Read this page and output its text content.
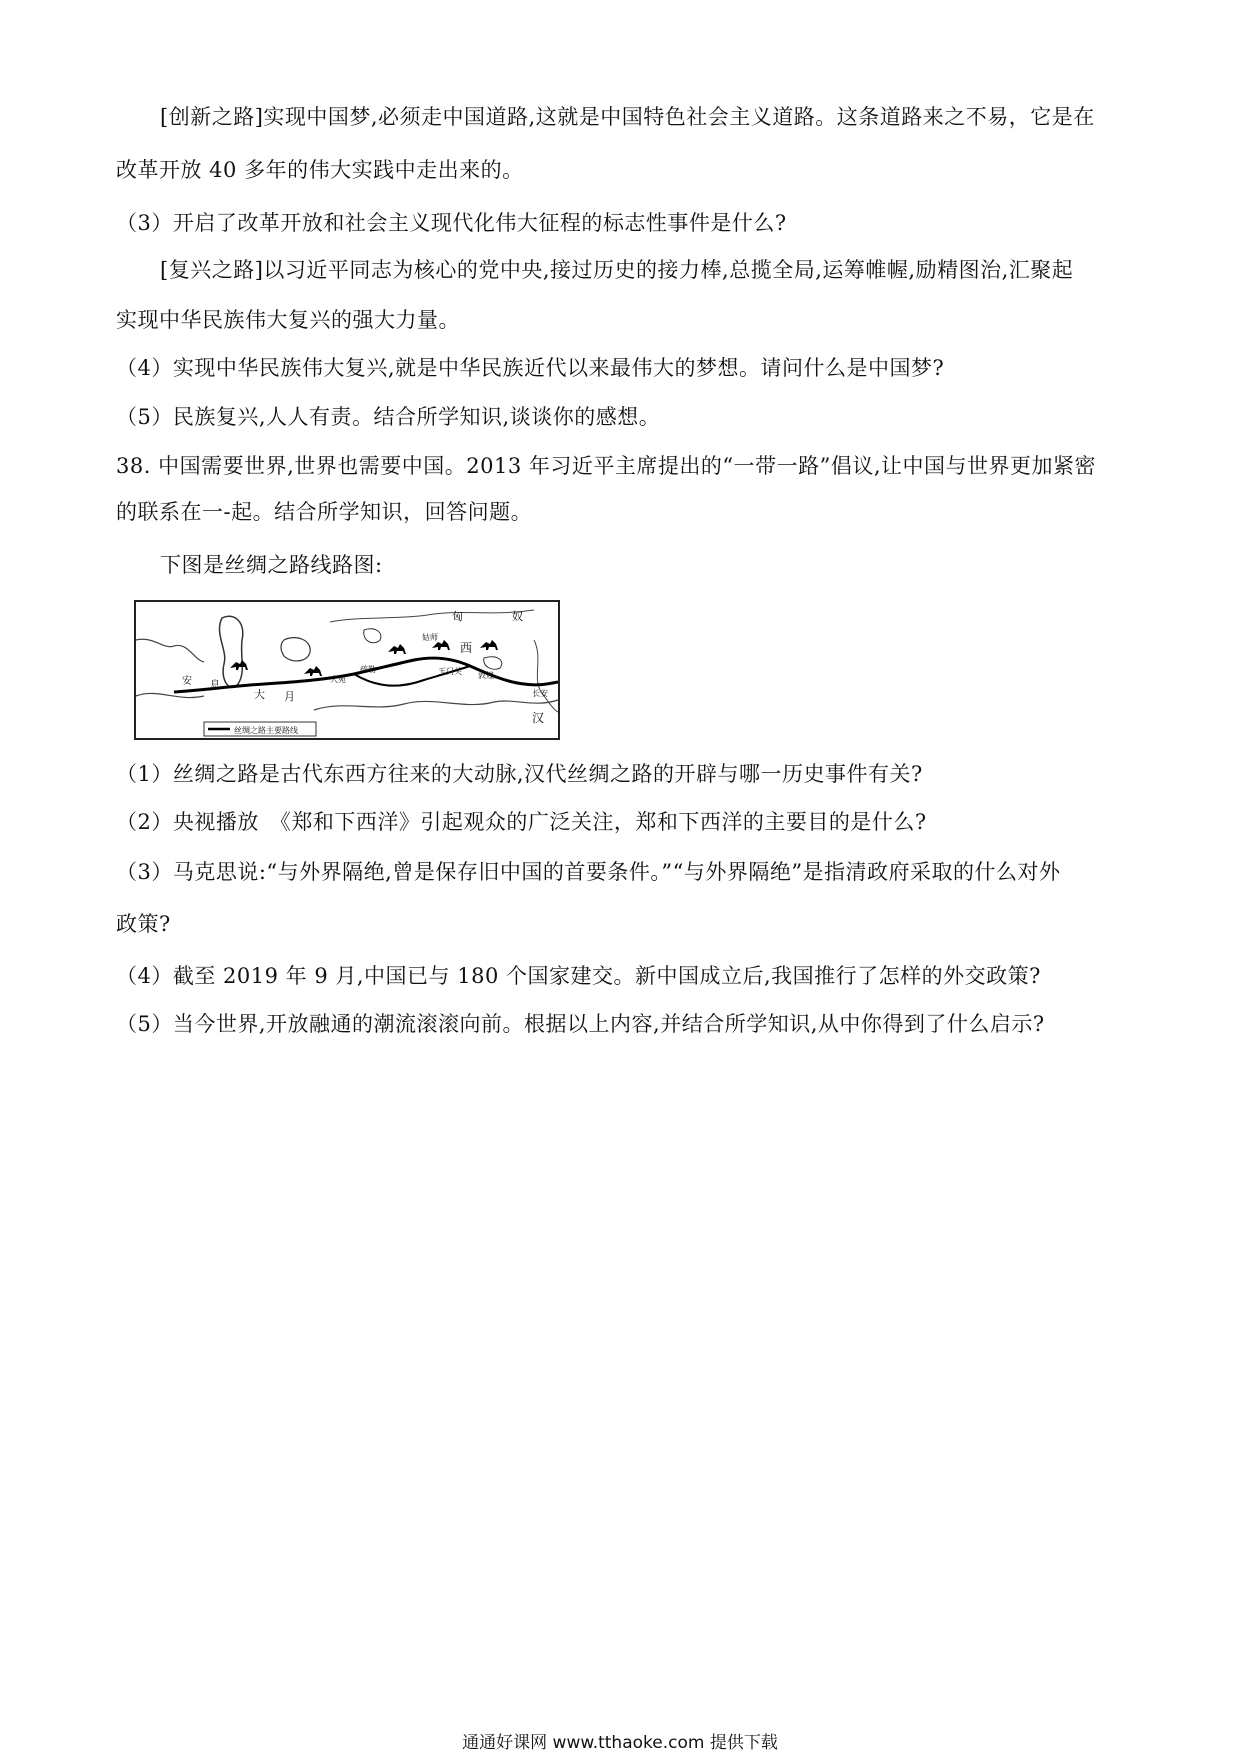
[创新之路]实现中国梦,必须走中国道路,这就是中国特色社会主义道路。这条道路来之不易，它是在
改革开放 40 多年的伟大实践中走出来的。
（3）开启了改革开放和社会主义现代化伟大征程的标志性事件是什么?
[复兴之路]以习近平同志为核心的党中央,接过历史的接力棒,总揽全局,运筹帷幄,励精图治,汇聚起
实现中华民族伟大复兴的强大力量。
（4）实现中华民族伟大复兴,就是中华民族近代以来最伟大的梦想。请问什么是中国梦?
（5）民族复兴,人人有责。结合所学知识,谈谈你的感想。
38. 中国需要世界,世界也需要中国。2013 年习近平主席提出的“一带一路”倡议,让中国与世界更加紧密
的联系在一-起。结合所学知识，回答问题。
下图是丝绸之路线路图:
匈	奴
西
汉
安 息
大 月
大宛
疏勒
姑师
玉门关 敦煌
长安
丝绸之路主要路线
（1）丝绸之路是古代东西方往来的大动脉,汉代丝绸之路的开辟与哪一历史事件有关?
（2）央视播放　《郑和下西洋》引起观众的广泛关注，郑和下西洋的主要目的是什么?
（3）马克思说:“与外界隔绝,曾是保存旧中国的首要条件。”“与外界隔绝”是指清政府采取的什么对外
政策?
（4）截至 2019 年 9 月,中国已与 180 个国家建交。新中国成立后,我国推行了怎样的外交政策?
（5）当今世界,开放融通的潮流滚滚向前。根据以上内容,并结合所学知识,从中你得到了什么启示?
通通好课网 www.tthaoke.com 提供下载
